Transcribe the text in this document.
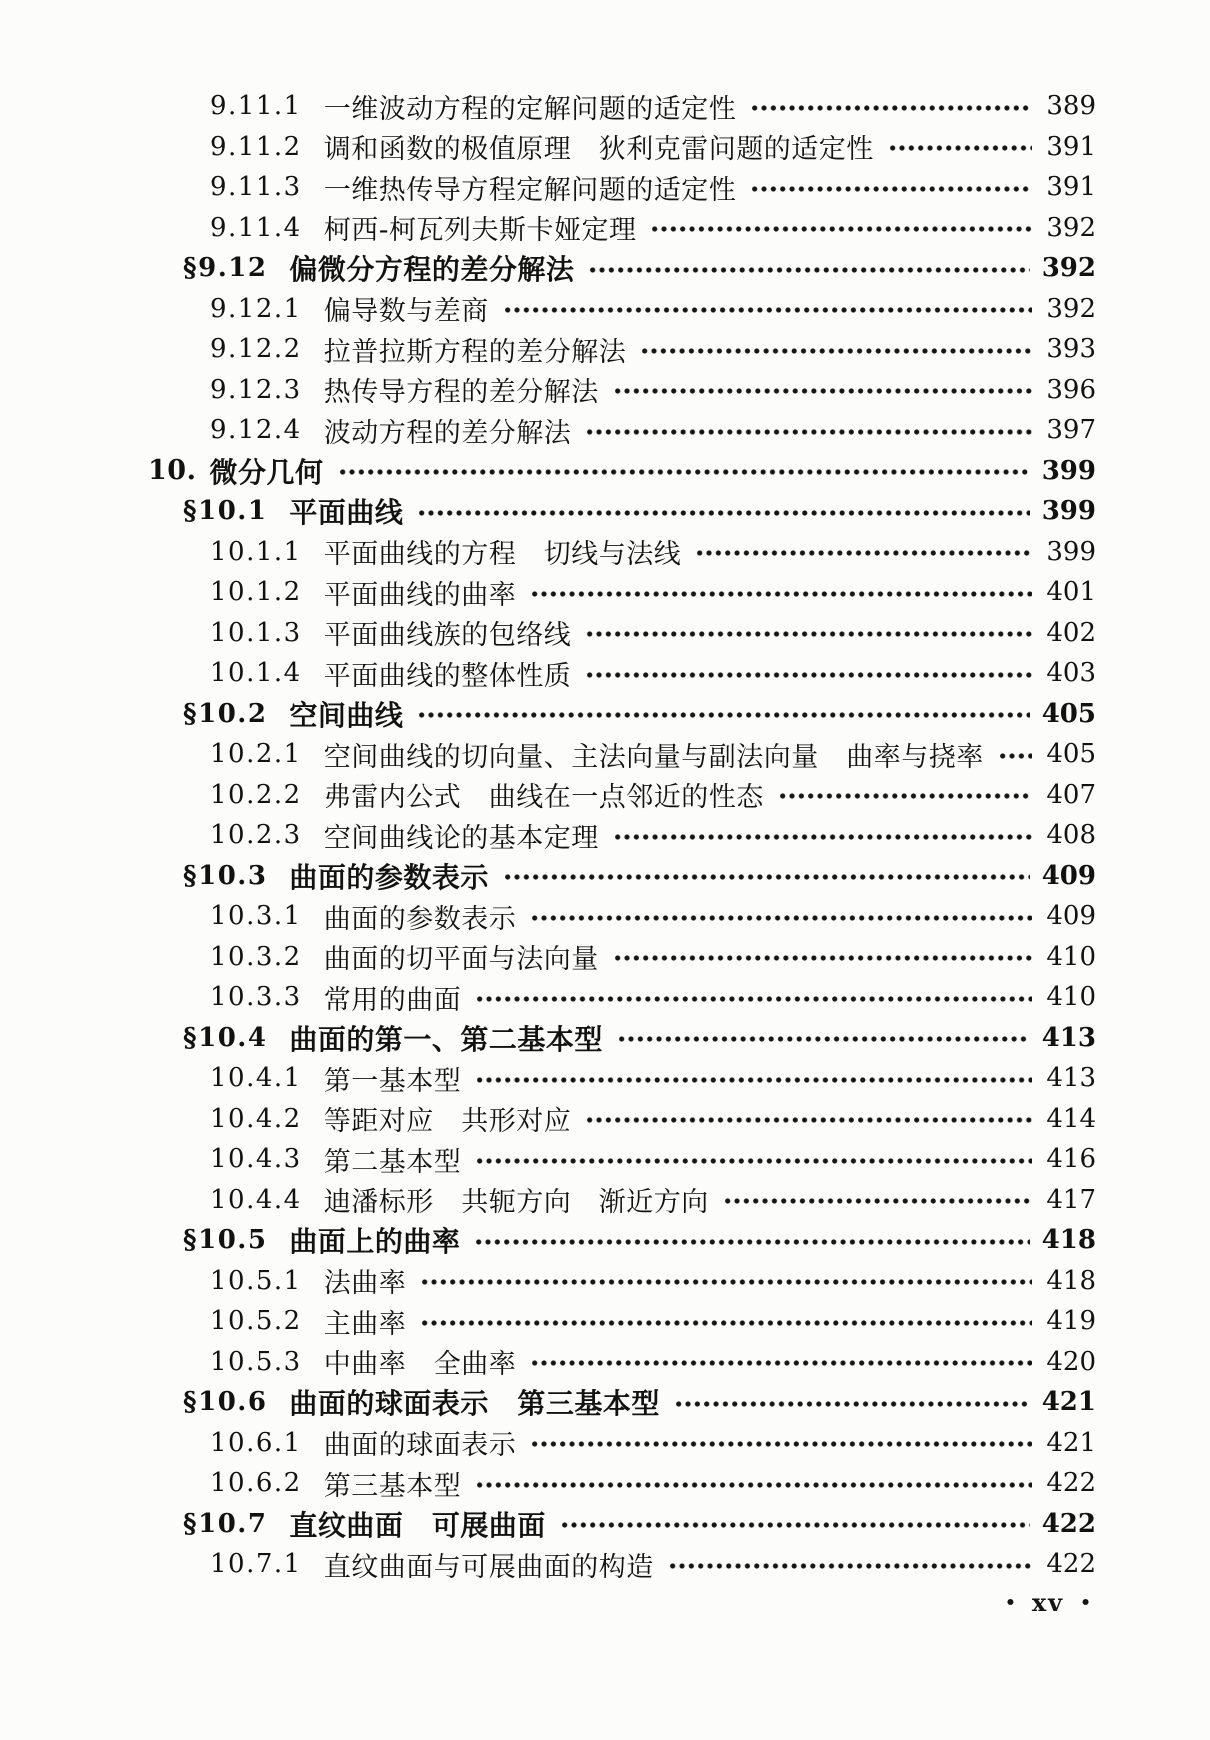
9.11.1 一维波动方程的定解问题的适定性	389
9.11.2 调和函数的极值原理　狄利克雷问题的适定性	391
9.11.3 一维热传导方程定解问题的适定性	391
9.11.4 柯西-柯瓦列夫斯卡娅定理	392
§9.12 偏微分方程的差分解法	392
9.12.1 偏导数与差商	392
9.12.2 拉普拉斯方程的差分解法	393
9.12.3 热传导方程的差分解法	396
9.12.4 波动方程的差分解法	397
10. 微分几何	399
§10.1 平面曲线	399
10.1.1 平面曲线的方程　切线与法线	399
10.1.2 平面曲线的曲率	401
10.1.3 平面曲线族的包络线	402
10.1.4 平面曲线的整体性质	403
§10.2 空间曲线	405
10.2.1 空间曲线的切向量、主法向量与副法向量　曲率与挠率 405
10.2.2 弗雷内公式　曲线在一点邻近的性态	407
10.2.3 空间曲线论的基本定理	408
§10.3 曲面的参数表示	409
10.3.1 曲面的参数表示	409
10.3.2 曲面的切平面与法向量	410
10.3.3 常用的曲面	410
§10.4 曲面的第一、第二基本型	413
10.4.1 第一基本型	413
10.4.2 等距对应　共形对应	414
10.4.3 第二基本型	416
10.4.4 迪潘标形　共轭方向　渐近方向	417
§10.5 曲面上的曲率	418
10.5.1 法曲率	418
10.5.2 主曲率	419
10.5.3 中曲率　全曲率	420
§10.6 曲面的球面表示　第三基本型	421
10.6.1 曲面的球面表示	421
10.6.2 第三基本型	422
§10.7 直纹曲面　可展曲面	422
10.7.1 直纹曲面与可展曲面的构造	422
• xv •
